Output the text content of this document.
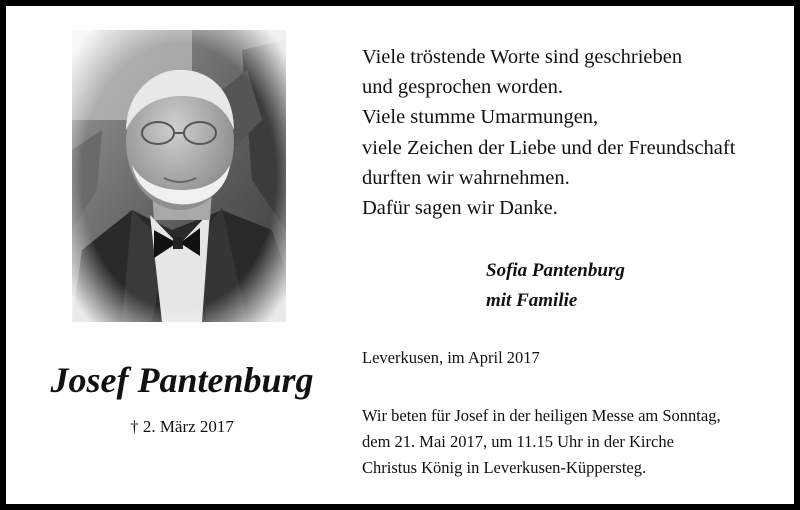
Josef Pantenburg
† 2. März 2017
Viele tröstende Worte sind geschrieben
und gesprochen worden.
Viele stumme Umarmungen,
viele Zeichen der Liebe und der Freundschaft
durften wir wahrnehmen.
Dafür sagen wir Danke.
Sofia Pantenburg
mit Familie
Leverkusen, im April 2017
Wir beten für Josef in der heiligen Messe am Sonntag,
dem 21. Mai 2017, um 11.15 Uhr in der Kirche
Christus König in Leverkusen-Küppersteg.
